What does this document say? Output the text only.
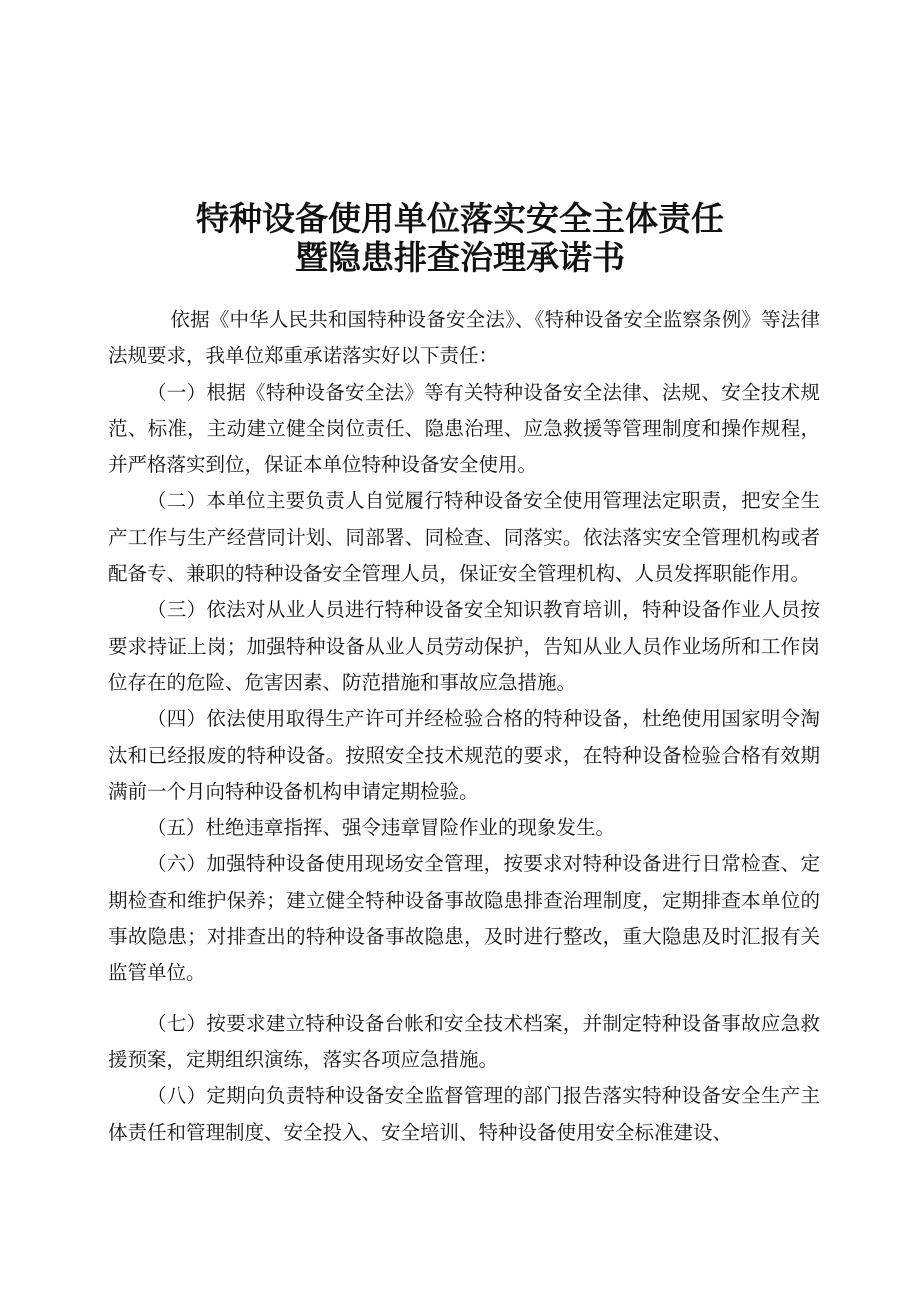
特种设备使用单位落实安全主体责任
暨隐患排查治理承诺书

依据《中华人民共和国特种设备安全法》、《特种设备安全监察条例》等法律法规要求，我单位郑重承诺落实好以下责任：

（一）根据《特种设备安全法》等有关特种设备安全法律、法规、安全技术规范、标准，主动建立健全岗位责任、隐患治理、应急救援等管理制度和操作规程，并严格落实到位，保证本单位特种设备安全使用。

（二）本单位主要负责人自觉履行特种设备安全使用管理法定职责，把安全生产工作与生产经营同计划、同部署、同检查、同落实。依法落实安全管理机构或者配备专、兼职的特种设备安全管理人员，保证安全管理机构、人员发挥职能作用。

（三）依法对从业人员进行特种设备安全知识教育培训，特种设备作业人员按要求持证上岗；加强特种设备从业人员劳动保护，告知从业人员作业场所和工作岗位存在的危险、危害因素、防范措施和事故应急措施。

（四）依法使用取得生产许可并经检验合格的特种设备，杜绝使用国家明令淘汰和已经报废的特种设备。按照安全技术规范的要求，在特种设备检验合格有效期满前一个月向特种设备机构申请定期检验。

（五）杜绝违章指挥、强令违章冒险作业的现象发生。

（六）加强特种设备使用现场安全管理，按要求对特种设备进行日常检查、定期检查和维护保养；建立健全特种设备事故隐患排查治理制度，定期排查本单位的事故隐患；对排查出的特种设备事故隐患，及时进行整改，重大隐患及时汇报有关监管单位。

（七）按要求建立特种设备台帐和安全技术档案，并制定特种设备事故应急救援预案，定期组织演练，落实各项应急措施。

（八）定期向负责特种设备安全监督管理的部门报告落实特种设备安全生产主体责任和管理制度、安全投入、安全培训、特种设备使用安全标准建设、
